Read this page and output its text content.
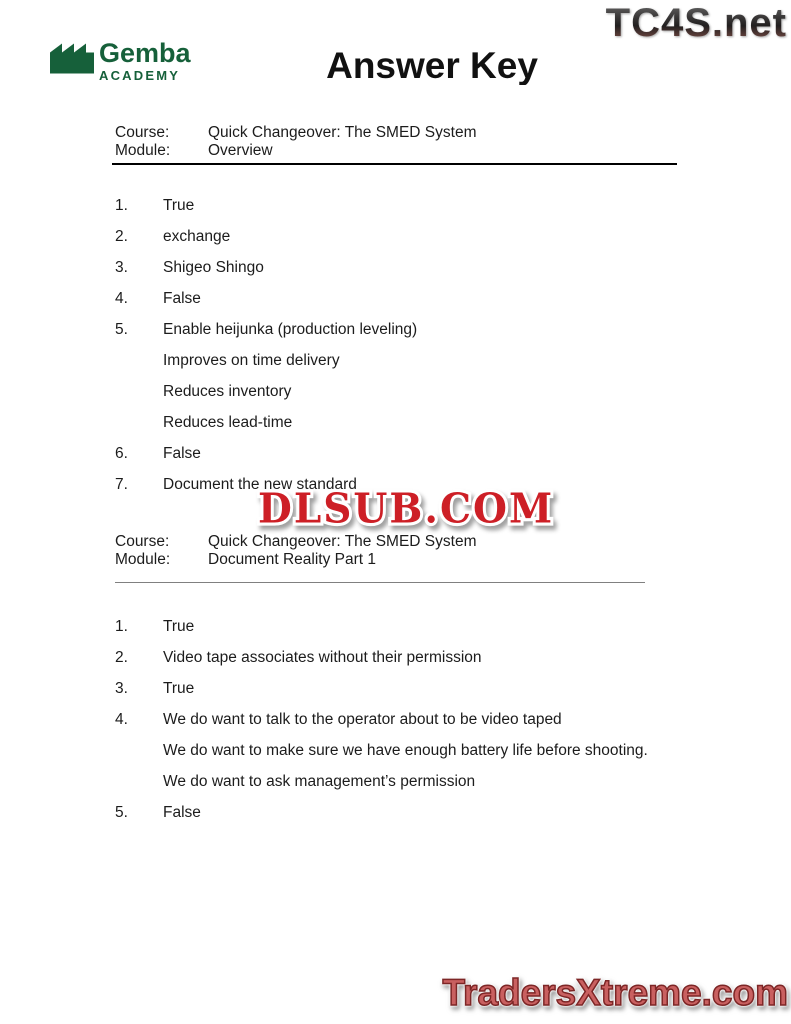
Gemba
ACADEMY
TC4S.net
Answer Key
Course:	Quick Changeover: The SMED System
Module:	Overview
1.	True
2.	exchange
3.	Shigeo Shingo
4.	False
5.	Enable heijunka (production leveling)
Improves on time delivery
Reduces inventory
Reduces lead-time
6.	False
7.	Document the new standard
DLSUB.COM
Course:	Quick Changeover: The SMED System
Module:	Document Reality Part 1
1.	True
2.	Video tape associates without their permission
3.	True
4.	We do want to talk to the operator about to be video taped
We do want to make sure we have enough battery life before shooting.
We do want to ask management’s permission
5.	False
TradersXtreme.com
